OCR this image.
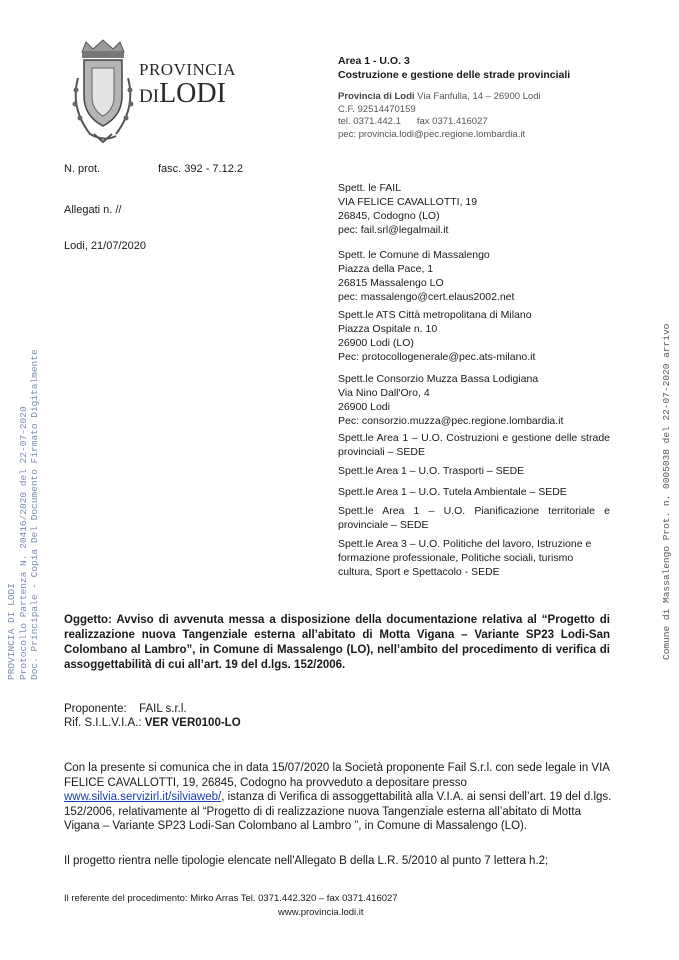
PROVINCIA
DILODI
Area 1 - U.O. 3
Costruzione e gestione delle strade provinciali
Provincia di Lodi Via Fanfulla, 14 – 26900 Lodi
C.F. 92514470159
tel. 0371.442.1 fax 0371.416027
pec: provincia.lodi@pec.regione.lombardia.it
N. prot.	fasc. 392 - 7.12.2
Allegati n. //
Lodi, 21/07/2020
Spett. le FAIL
VIA FELICE CAVALLOTTI, 19
26845, Codogno (LO)
pec: fail.srl@legalmail.it
Spett. le Comune di Massalengo
Piazza della Pace, 1
26815 Massalengo LO
pec: massalengo@cert.elaus2002.net
Spett.le ATS Città metropolitana di Milano
Piazza Ospitale n. 10
26900 Lodi (LO)
Pec: protocollogenerale@pec.ats-milano.it
Spett.le Consorzio Muzza Bassa Lodigiana
Via Nino Dall'Oro, 4
26900 Lodi
Pec: consorzio.muzza@pec.regione.lombardia.it
Spett.le Area 1 – U.O. Costruzioni e gestione delle strade provinciali – SEDE
Spett.le Area 1 – U.O. Trasporti – SEDE
Spett.le Area 1 – U.O. Tutela Ambientale – SEDE
Spett.le Area 1 – U.O. Pianificazione territoriale e provinciale – SEDE
Spett.le Area 3 – U.O. Politiche del lavoro, Istruzione e formazione professionale, Politiche sociali, turismo cultura, Sport e Spettacolo - SEDE
PROVINCIA DI LODI Protocollo Partenza N. 20416/2020 del 22-07-2020 Doc. Principale - Copia Del Documento Firmato Digitalmente	Comune di Massalengo Prot. n. 0005038 del 22-07-2020 arrivo
Oggetto: Avviso di avvenuta messa a disposizione della documentazione relativa al “Progetto di realizzazione nuova Tangenziale esterna all’abitato di Motta Vigana – Variante SP23 Lodi-San Colombano al Lambro”, in Comune di Massalengo (LO), nell’ambito del procedimento di verifica di assoggettabilità di cui all’art. 19 del d.lgs. 152/2006.
Proponente: FAIL s.r.l.
Rif. S.I.L.V.I.A.: VER VER0100-LO
Con la presente si comunica che in data 15/07/2020 la Società proponente Fail S.r.l. con sede legale in VIA FELICE CAVALLOTTI, 19, 26845, Codogno ha provveduto a depositare presso www.silvia.servizirl.it/silviaweb/, istanza di Verifica di assoggettabilità alla V.I.A. ai sensi dell’art. 19 del d.lgs. 152/2006, relativamente al “Progetto di di realizzazione nuova Tangenziale esterna all’abitato di Motta Vigana – Variante SP23 Lodi-San Colombano al Lambro ”, in Comune di Massalengo (LO).
Il progetto rientra nelle tipologie elencate nell'Allegato B della L.R. 5/2010 al punto 7 lettera h.2;
Il referente del procedimento: Mirko Arras Tel. 0371.442.320 – fax 0371.416027
www.provincia.lodi.it
